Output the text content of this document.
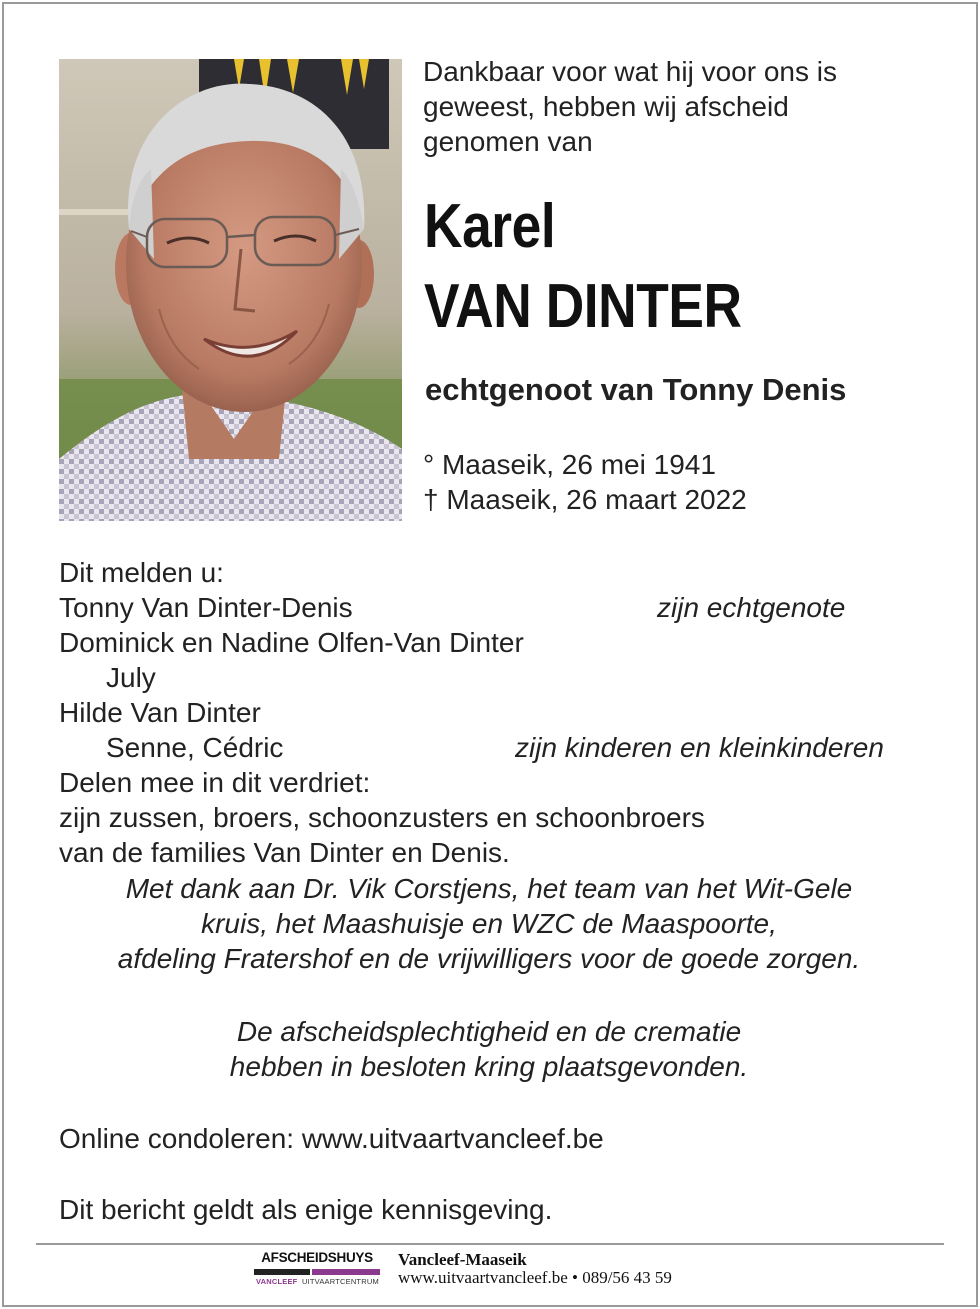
Dankbaar voor wat hij voor ons is
geweest, hebben wij afscheid
genomen van
Karel
VAN DINTER
echtgenoot van Tonny Denis
° Maaseik, 26 mei 1941
† Maaseik, 26 maart 2022
Dit melden u:
Tonny Van Dinter-Denis	zijn echtgenote
Dominick en Nadine Olfen-Van Dinter
July
Hilde Van Dinter
Senne, Cédric	zijn kinderen en kleinkinderen
Delen mee in dit verdriet:
zijn zussen, broers, schoonzusters en schoonbroers
van de families Van Dinter en Denis.
Met dank aan Dr. Vik Corstjens, het team van het Wit-Gele
kruis, het Maashuisje en WZC de Maaspoorte,
afdeling Fratershof en de vrijwilligers voor de goede zorgen.
De afscheidsplechtigheid en de crematie
hebben in besloten kring plaatsgevonden.
Online condoleren: www.uitvaartvancleef.be
Dit bericht geldt als enige kennisgeving.
AFSCHEIDSHUYS
VANCLEEF UITVAARTCENTRUM
Vancleef-Maaseik
www.uitvaartvancleef.be • 089/56 43 59
